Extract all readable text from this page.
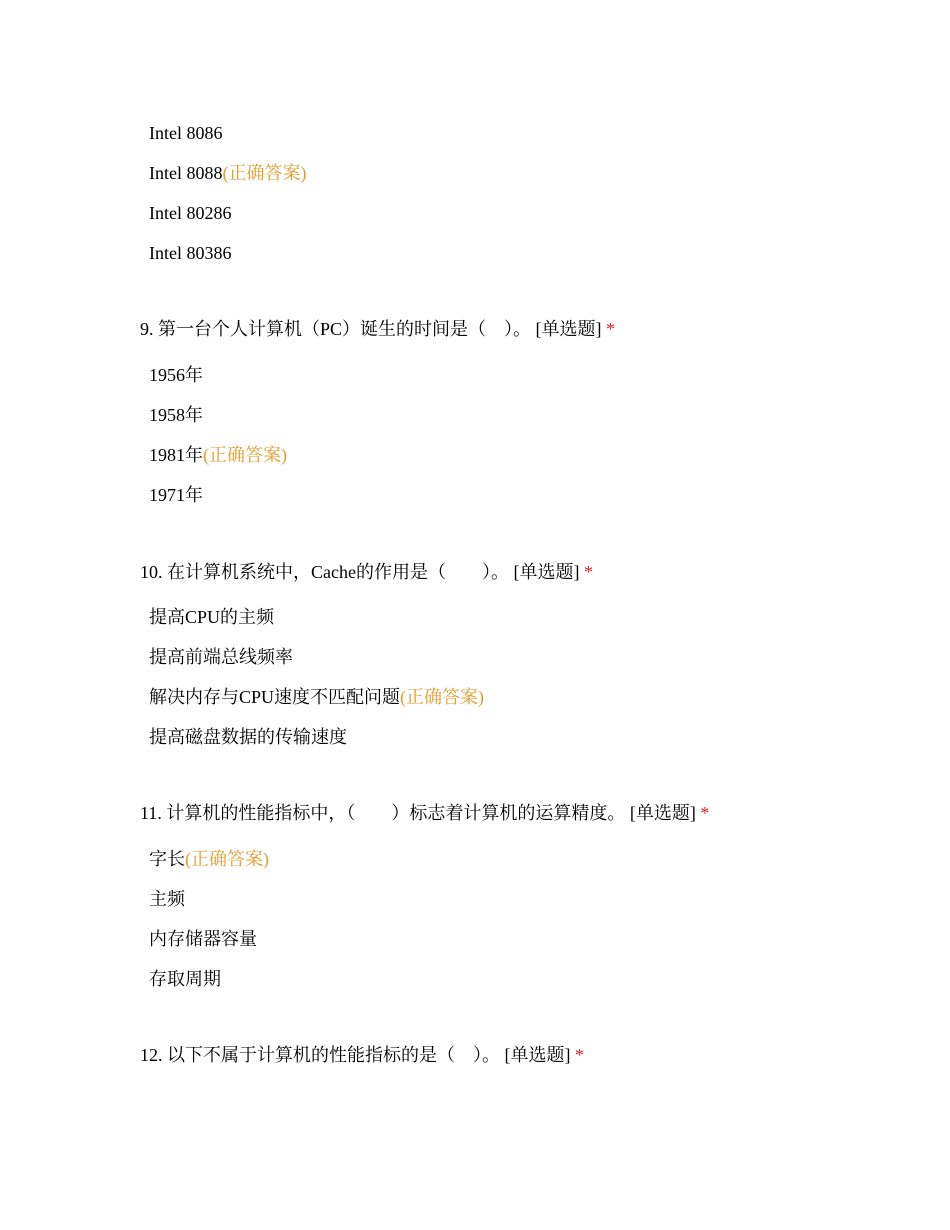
Intel 8086
Intel 8088(正确答案)
Intel 80286
Intel 80386
9. 第一台个人计算机（PC）诞生的时间是（　）。 [单选题] *
1956年
1958年
1981年(正确答案)
1971年
10. 在计算机系统中，Cache的作用是（　　）。 [单选题] *
提高CPU的主频
提高前端总线频率
解决内存与CPU速度不匹配问题(正确答案)
提高磁盘数据的传输速度
11. 计算机的性能指标中，（　　）标志着计算机的运算精度。 [单选题] *
字长(正确答案)
主频
内存储器容量
存取周期
12. 以下不属于计算机的性能指标的是（　）。 [单选题] *
